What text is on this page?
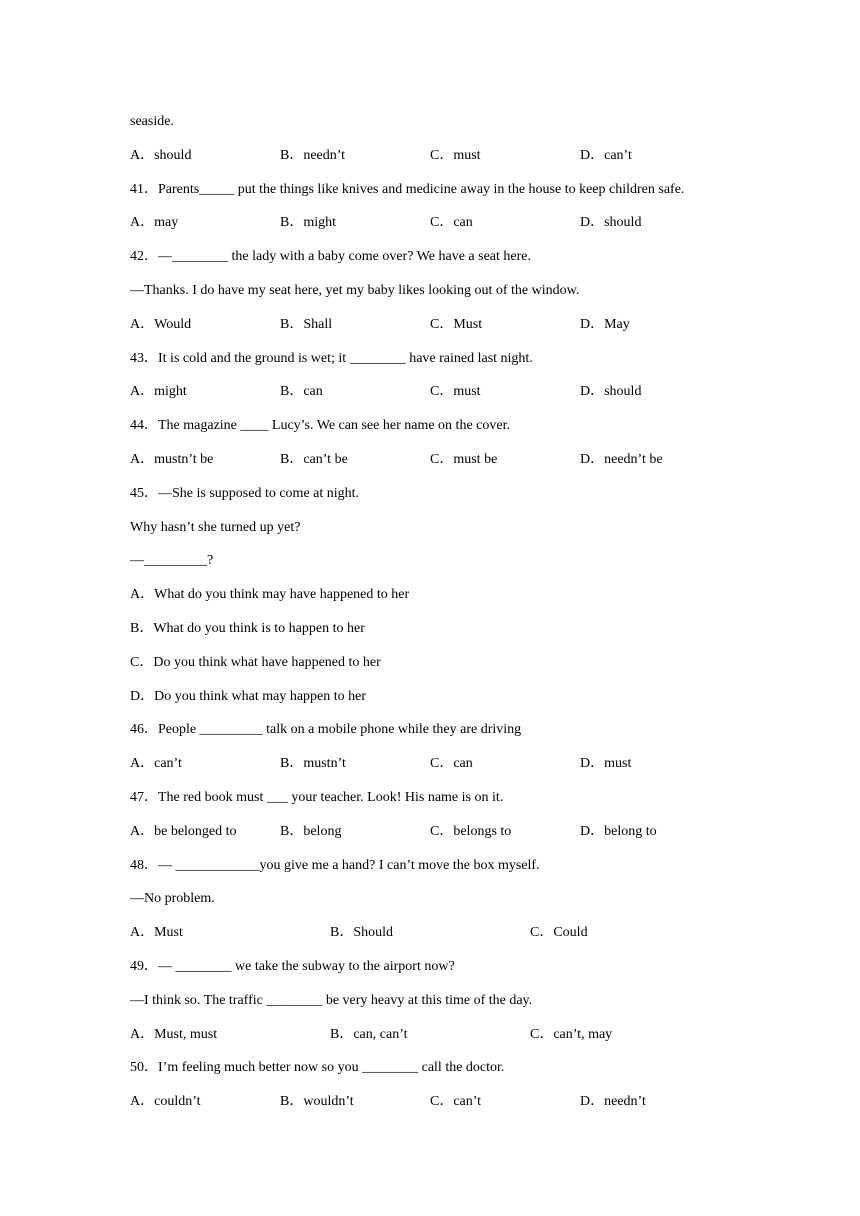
seaside.
A．should	B．needn’t	C．must	D．can’t
41．Parents_____ put the things like knives and medicine away in the house to keep children safe.
A．may	B．might	C．can	D．should
42．—________ the lady with a baby come over? We have a seat here.
—Thanks. I do have my seat here, yet my baby likes looking out of the window.
A．Would	B．Shall	C．Must	D．May
43．It is cold and the ground is wet; it ________ have rained last night.
A．might	B．can	C．must	D．should
44．The magazine ____ Lucy’s. We can see her name on the cover.
A．mustn’t be	B．can’t be	C．must be	D．needn’t be
45．—She is supposed to come at night.
Why hasn’t she turned up yet?
—_________?
A．What do you think may have happened to her
B．What do you think is to happen to her
C．Do you think what have happened to her
D．Do you think what may happen to her
46．People _________ talk on a mobile phone while they are driving
A．can’t	B．mustn’t	C．can	D．must
47．The red book must ___ your teacher. Look! His name is on it.
A．be belonged to	B．belong	C．belongs to	D．belong to
48．— ____________you give me a hand? I can’t move the box myself.
—No problem.
A．Must	B．Should	C．Could
49．— ________ we take the subway to the airport now?
—I think so. The traffic ________ be very heavy at this time of the day.
A．Must, must	B．can, can’t	C．can’t, may
50．I’m feeling much better now so you ________ call the doctor.
A．couldn’t	B．wouldn’t	C．can’t	D．needn’t
